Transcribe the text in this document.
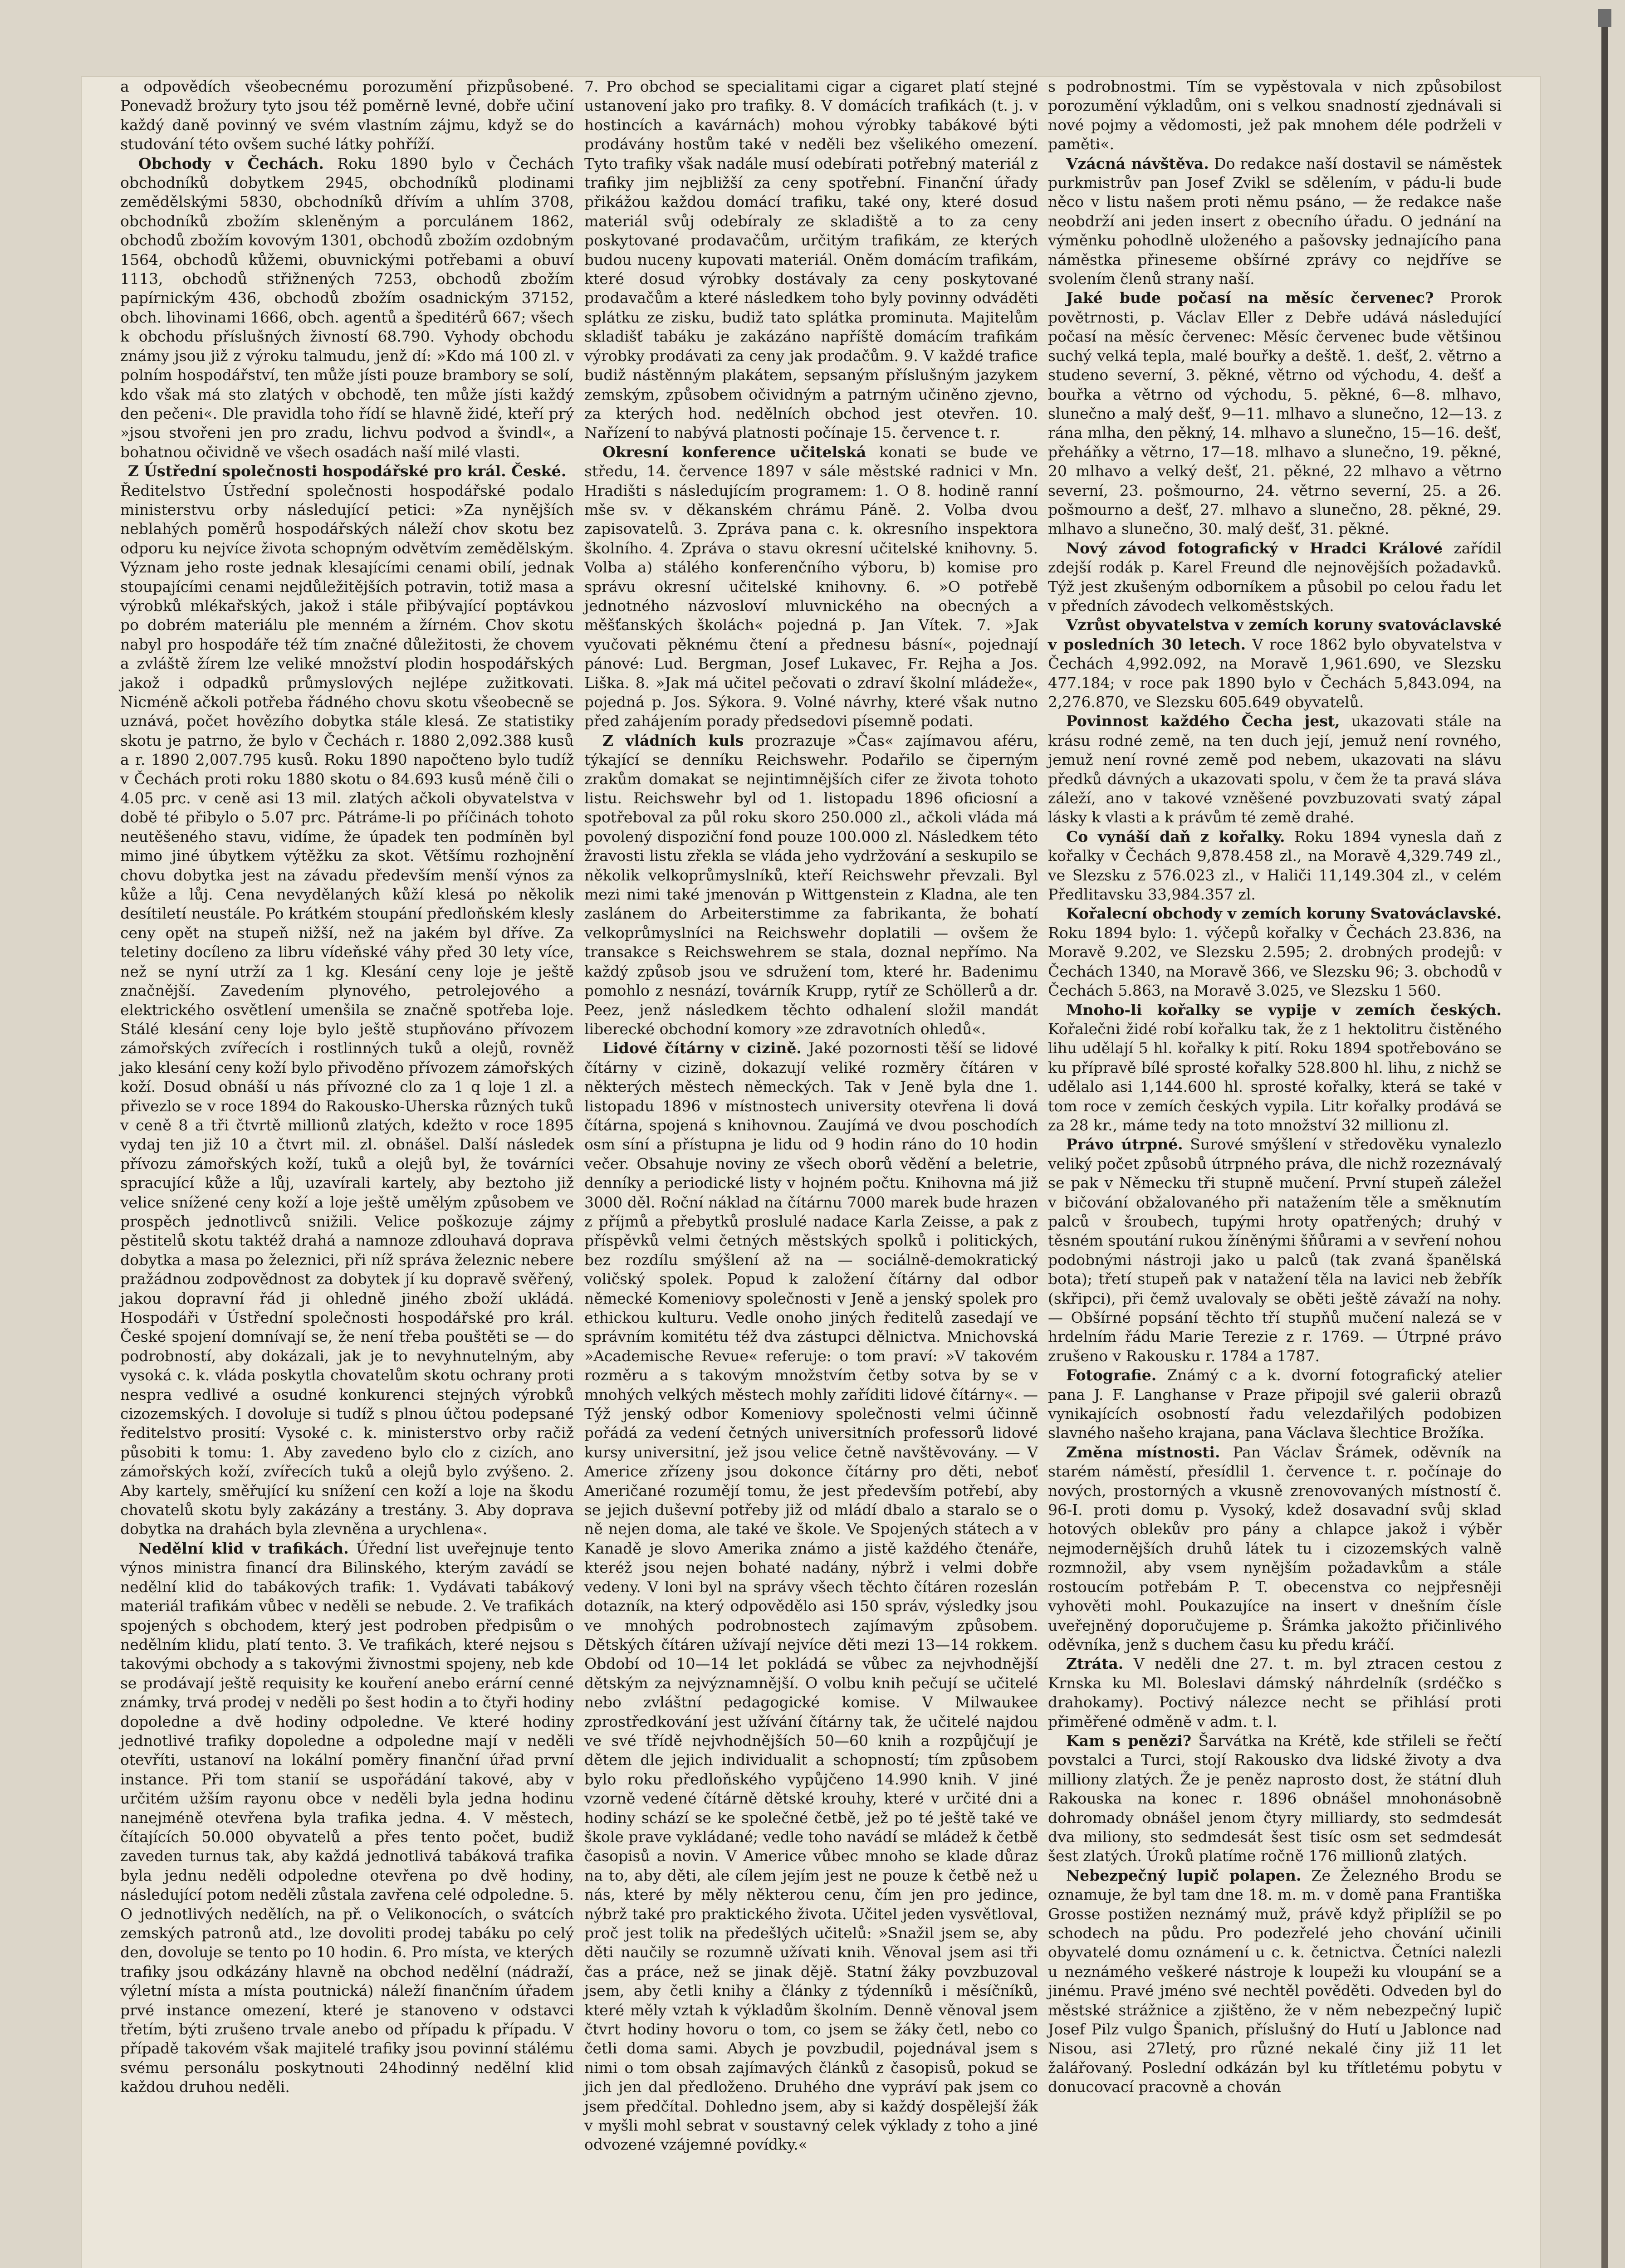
a odpovědích všeobecnému porozumění přizpůsobené. Ponevadž brožury tyto jsou též poměrně levné, dobře učiní každý daně povinný ve svém vlastním zájmu, když se do studování této ovšem suché látky pohříží.

Obchody v Čechách. Roku 1890 bylo v Čechách obchodníků dobytkem 2945, obchodníků plodinami zemědělskými 5830, obchodníků dřívím a uhlím 3708, obchodníků zbožím skleněným a porculánem 1862, obchodů zbožím kovovým 1301, obchodů zbožím ozdobným 1564, obchodů kůžemi, obuvnickými potřebami a obuví 1113, obchodů střižnených 7253, obchodů zbožím papírnickým 436, obchodů zbožím osadnickým 37152, obch. lihovinami 1666, obch. agentů a špeditérů 667; všech k obchodu příslušných živností 68.790. Vyhody obchodu známy jsou již z výroku talmudu, jenž dí: »Kdo má 100 zl. v polním hospodářství, ten může jísti pouze brambory se solí, kdo však má sto zlatých v obchodě, ten může jísti každý den pečeni«. Dle pravidla toho řídí se hlavně židé, kteří prý »jsou stvořeni jen pro zradu, lichvu podvod a švindl«, a bohatnou očividně ve všech osadách naší milé vlasti.

Z Ústřední společnosti hospodářské pro král. České.
Ředitelstvo Ústřední společnosti hospodářské podalo ministerstvu orby následující petici: »Za nynějších neblahých poměrů hospodářských náleží chov skotu bez odporu ku nejvíce života schopným odvětvím zemědělským. Význam jeho roste jednak klesajícími cenami obilí, jednak stoupajícími cenami nejdůležitějších potravin, totiž masa a výrobků mlékařských, jakož i stále přibývající poptávkou po dobrém materiálu ple menném a žírném. Chov skotu nabyl pro hospodáře též tím značné důležitosti, že chovem a zvláště žírem lze veliké množství plodin hospodářských jakož i odpadků průmyslových nejlépe zužitkovati. Nicméně ačkoli potřeba řádného chovu skotu všeobecně se uznává, počet hovězího dobytka stále klesá. Ze statistiky skotu je patrno, že bylo v Čechách r. 1880 2,092.388 kusů a r. 1890 2,007.795 kusů. Roku 1890 napočteno bylo tudíž v Čechách proti roku 1880 skotu o 84.693 kusů méně čili o 4.05 prc. v ceně asi 13 mil. zlatých ačkoli obyvatelstva v době té přibylo o 5.07 prc. Pátráme-li po příčinách tohoto neutěšeného stavu, vidíme, že úpadek ten podmíněn byl mimo jiné úbytkem výtěžku za skot. Většímu rozhojnění chovu dobytka jest na závadu především menší výnos za kůže a lůj. Cena nevydělaných kůží klesá po několik desítiletí neustále. Po krátkém stoupání předloňském klesly ceny opět na stupeň nižší, než na jakém byl dříve. Za teletiny docíleno za libru vídeňské váhy před 30 lety více, než se nyní utrží za 1 kg. Klesání ceny loje je ještě značnější. Zavedením plynového, petrolejového a elektrického osvětlení umenšila se značně spotřeba loje. Stálé klesání ceny loje bylo ještě stupňováno přívozem zámořských zvířecích i rostlinných tuků a olejů, rovněž jako klesání ceny koží bylo přivoděno přívozem zámořských koží. Dosud obnáší u nás přívozné clo za 1 q loje 1 zl. a přivezlo se v roce 1894 do Rakousko-Uherska různých tuků v ceně 8 a tři čtvrtě millionů zlatých, kdežto v roce 1895 vydaj ten již 10 a čtvrt mil. zl. obnášel. Další následek přívozu zámořských koží, tuků a olejů byl, že továrníci spracující kůže a lůj, uzavírali kartely, aby beztoho již velice snížené ceny koží a loje ještě umělým způsobem ve prospěch jednotlivců snižili. Velice poškozuje zájmy pěstitelů skotu taktéž drahá a namnoze zdlouhavá doprava dobytka a masa po železnici, při níž správa železnic nebere pražádnou zodpovědnost za dobytek jí ku dopravě svěřený, jakou dopravní řád ji ohledně jiného zboží ukládá. Hospodáři v Ústřední společnosti hospodářské pro král. České spojení domnívají se, že není třeba pouštěti se — do podrobností, aby dokázali, jak je to nevyhnutelným, aby vysoká c. k. vláda poskytla chovatelům skotu ochrany proti nespra vedlivé a osudné konkurenci stejných výrobků cizozemských. I dovoluje si tudíž s plnou účtou podepsané ředitelstvo prosití: Vysoké c. k. ministerstvo orby račiž působiti k tomu: 1. Aby zavedeno bylo clo z cizích, ano zámořských koží, zvířecích tuků a olejů bylo zvýšeno. 2. Aby kartely, směřující ku snížení cen koží a loje na škodu chovatelů skotu byly zakázány a trestány. 3. Aby doprava dobytka na drahách byla zlevněna a urychlena«.

Nedělní klid v trafikách. Úřední list uveřejnuje tento výnos ministra financí dra Bilinského, kterým zavádí se nedělní klid do tabákových trafik: 1. Vydávati tabákový materiál trafikám vůbec v neděli se nebude. 2. Ve trafikách spojených s obchodem, který jest podroben předpisům o nedělním klidu, platí tento. 3. Ve trafikách, které nejsou s takovými obchody a s takovými živnostmi spojeny, neb kde se prodávají ještě requisity ke kouření anebo erární cenné známky, trvá prodej v neděli po šest hodin a to čtyři hodiny dopoledne a dvě hodiny odpoledne. Ve které hodiny jednotlivé trafiky dopoledne a odpoledne mají v neděli otevříti, ustanoví na lokální poměry finanční úřad první instance. Při tom stanií se uspořádání takové, aby v určitém užším rayonu obce v neděli byla jedna hodinu nanejméně otevřena byla trafika jedna. 4. V městech, čítajících 50.000 obyvatelů a přes tento počet, budiž zaveden turnus tak, aby každá jednotlivá tabáková trafika byla jednu neděli odpoledne otevřena po dvě hodiny, následující potom neděli zůstala zavřena celé odpoledne. 5. O jednotlivých nedělích, na př. o Velikonocích, o svátcích zemských patronů atd., lze dovoliti prodej tabáku po celý den, dovoluje se tento po 10 hodin. 6. Pro místa, ve kterých trafiky jsou odkázány hlavně na obchod nedělní (nádraží, výletní místa a místa poutnická) náleží finančním úřadem prvé instance omezení, které je stanoveno v odstavci třetím, býti zrušeno trvale anebo od případu k případu. V případě takovém však majitelé trafiky jsou povinní stálému svému personálu poskytnouti 24hodinný nedělní klid každou druhou neděli.

7. Pro obchod se specialitami cigar a cigaret platí stejné ustanovení jako pro trafiky. 8. V domácích trafikách (t. j. v hostincích a kavárnách) mohou výrobky tabákové býti prodávány hostům také v neděli bez všelikého omezení. Tyto trafiky však nadále musí odebírati potřebný materiál z trafiky jim nejbližší za ceny spotřební. Finanční úřady přikážou každou domácí trafiku, také ony, které dosud materiál svůj odebíraly ze skladiště a to za ceny poskytované prodavačům, určitým trafikám, ze kterých budou nuceny kupovati materiál. Oněm domácím trafikám, které dosud výrobky dostávaly za ceny poskytované prodavačům a které následkem toho byly povinny odváděti splátku ze zisku, budiž tato splátka prominuta. Majitelům skladišť tabáku je zakázáno napříště domácím trafikám výrobky prodávati za ceny jak prodačům. 9. V každé trafice budiž nástěnným plakátem, sepsaným příslušným jazykem zemským, způsobem očividným a patrným učiněno zjevno, za kterých hod. nedělních obchod jest otevřen. 10. Nařízení to nabývá platnosti počínaje 15. července t. r.

Okresní konference učitelská konati se bude ve středu, 14. července 1897 v sále městské radnici v Mn. Hradišti s následujícím programem: 1. O 8. hodině ranní mše sv. v děkanském chrámu Páně. 2. Volba dvou zapisovatelů. 3. Zpráva pana c. k. okresního inspektora školního. 4. Zpráva o stavu okresní učitelské knihovny. 5. Volba a) stálého konferenčního výboru, b) komise pro správu okresní učitelské knihovny. 6. »O potřebě jednotného názvosloví mluvnického na obecných a měšťanských školách« pojedná p. Jan Vítek. 7. »Jak vyučovati pěknému čtení a přednesu básní«, pojednají pánové: Lud. Bergman, Josef Lukavec, Fr. Rejha a Jos. Liška. 8. »Jak má učitel pečovati o zdraví školní mládeže«, pojedná p. Jos. Sýkora. 9. Volné návrhy, které však nutno před zahájením porady předsedovi písemně podati.

Z vládních kuls prozrazuje »Čas« zajímavou aféru, týkající se denníku Reichswehr. Podařilo se čiperným zrakům domakat se nejintimnějších cifer ze života tohoto listu. Reichswehr byl od 1. listopadu 1896 oficiosní a spotřeboval za půl roku skoro 250.000 zl., ačkoli vláda má povolený dispoziční fond pouze 100.000 zl. Následkem této žravosti listu zřekla se vláda jeho vydržování a seskupilo se několik velkoprůmyslníků, kteří Reichswehr převzali. Byl mezi nimi také jmenován p Wittgenstein z Kladna, ale ten zaslánem do Arbeiterstimme za fabrikanta, že bohatí velkoprůmyslníci na Reichswehr doplatili — ovšem že transakce s Reichswehrem se stala, doznal nepřímo. Na každý způsob jsou ve sdružení tom, které hr. Badenimu pomohlo z nesnází, továrník Krupp, rytíř ze Schöllerů a dr. Peez, jenž následkem těchto odhalení složil mandát liberecké obchodní komory »ze zdravotních ohledů«.

Lidové čítárny v cizině. Jaké pozornosti těší se lidové čítárny v cizině, dokazují veliké rozměry čítáren v některých městech německých. Tak v Jeně byla dne 1. listopadu 1896 v místnostech university otevřena li dová čítárna, spojená s knihovnou. Zaujímá ve dvou poschodích osm síní a přístupna je lidu od 9 hodin ráno do 10 hodin večer. Obsahuje noviny ze všech oborů vědění a beletrie, denníky a periodické listy v hojném počtu. Knihovna má již 3000 děl. Roční náklad na čítárnu 7000 marek bude hrazen z příjmů a přebytků proslulé nadace Karla Zeisse, a pak z příspěvků velmi četných městských spolků i politických, bez rozdílu smýšlení až na — sociálně-demokratický voličský spolek. Popud k založení čítárny dal odbor německé Komeniovy společnosti v Jeně a jenský spolek pro ethickou kulturu. Vedle onoho jiných ředitelů zasedají ve správním komitétu též dva zástupci dělnictva. Mnichovská »Academische Revue« referuje: o tom praví: »V takovém rozměru a s takovým množstvím četby sotva by se v mnohých velkých městech mohly zaříditi lidové čítárny«. — Týž jenský odbor Komeniovy společnosti velmi účinně pořádá za vedení četných universitních professorů lidové kursy universitní, jež jsou velice četně navštěvovány. — V Americe zřízeny jsou dokonce čítárny pro děti, neboť Američané rozumějí tomu, že jest především potřebí, aby se jejich duševní potřeby již od mládí dbalo a staralo se o ně nejen doma, ale také ve škole. Ve Spojených státech a v Kanadě je slovo Amerika známo a jistě každého čtenáře, kteréž jsou nejen bohaté nadány, nýbrž i velmi dobře vedeny. V loni byl na správy všech těchto čítáren rozeslán dotazník, na který odpovědělo asi 150 správ, výsledky jsou ve mnohých podrobnostech zajímavým způsobem. Dětských čítáren užívají nejvíce děti mezi 13—14 rokkem. Období od 10—14 let pokládá se vůbec za nejvhodnější dětským za nejvýznamnější. O volbu knih pečují se učitelé nebo zvláštní pedagogické komise. V Milwaukee zprostředkování jest užívání čítárny tak, že učitelé najdou ve své třídě nejvhodnějších 50—60 knih a rozpůjčují je dětem dle jejich individualit a schopností; tím způsobem bylo roku předloňského vypůjčeno 14.990 knih. V jiné vzorně vedené čítárně dětské krouhy, které v určité dni a hodiny schází se ke společné četbě, jež po té ještě také ve škole prave vykládané; vedle toho navádí se mládež k četbě časopisů a novin. V Americe vůbec mnoho se klade důraz na to, aby děti, ale cílem jejím jest ne pouze k četbě než u nás, které by měly některou cenu, čím jen pro jedince, nýbrž také pro praktického života. Učitel jeden vysvětloval, proč jest tolik na předešlých učitelů: »Snažil jsem se, aby děti naučily se rozumně užívati knih. Věnoval jsem asi tři čas a práce, než se jinak dějě. Statní žáky povzbuzoval jsem, aby četli knihy a články z týdenníků i měsíčníků, které měly vztah k výkladům školním. Denně věnoval jsem čtvrt hodiny hovoru o tom, co jsem se žáky četl, nebo co četli doma sami. Abych je povzbudil, pojednával jsem s nimi o tom obsah zajímavých článků z časopisů, pokud se jich jen dal předloženo. Druhého dne vypráví pak jsem co jsem předčítal. Dohledno jsem, aby si každý dospělejší žák v myšli mohl sebrat v soustavný celek výklady z toho a jiné odvozené vzájemné povídky.«

s podrobnostmi. Tím se vypěstovala v nich způsobilost porozumění výkladům, oni s velkou snadností zjednávali si nové pojmy a vědomosti, jež pak mnohem déle podrželi v paměti«.

Vzácná návštěva. Do redakce naší dostavil se náměstek purkmistrův pan Josef Zvikl se sdělením, v pádu-li bude něco v listu našem proti němu psáno, — že redakce naše neobdrží ani jeden insert z obecního úřadu. O jednání na výměnku pohodlně uloženého a pašovsky jednajícího pana náměstka přineseme obšírné zprávy co nejdříve se svolením členů strany naší.

Jaké bude počasí na měsíc červenec? Prorok povětrnosti, p. Václav Eller z Debře udává následující počasí na měsíc červenec: Měsíc červenec bude většinou suchý velká tepla, malé bouřky a deště. 1. dešť, 2. větrno a studeno severní, 3. pěkné, větrno od východu, 4. dešť a bouřka a větrno od východu, 5. pěkné, 6—8. mlhavo, slunečno a malý dešť, 9—11. mlhavo a slunečno, 12—13. z rána mlha, den pěkný, 14. mlhavo a slunečno, 15—16. dešť, přeháňky a větrno, 17—18. mlhavo a slunečno, 19. pěkné, 20 mlhavo a velký dešť, 21. pěkné, 22 mlhavo a větrno severní, 23. pošmourno, 24. větrno severní, 25. a 26. pošmourno a dešť, 27. mlhavo a slunečno, 28. pěkné, 29. mlhavo a slunečno, 30. malý dešť, 31. pěkné.

Nový závod fotografický v Hradci Králové zařídil zdejší rodák p. Karel Freund dle nejnovějších požadavků. Týž jest zkušeným odborníkem a působil po celou řadu let v předních závodech velkoměstských.

Vzrůst obyvatelstva v zemích koruny svatováclavské v posledních 30 letech. V roce 1862 bylo obyvatelstva v Čechách 4,992.092, na Moravě 1,961.690, ve Slezsku 477.184; v roce pak 1890 bylo v Čechách 5,843.094, na 2,276.870, ve Slezsku 605.649 obyvatelů.

Povinnost každého Čecha jest, ukazovati stále na krásu rodné země, na ten duch její, jemuž není rovného, jemuž není rovné země pod nebem, ukazovati na slávu předků dávných a ukazovati spolu, v čem že ta pravá sláva záleží, ano v takové vzněšené povzbuzovati svatý zápal lásky k vlasti a k právům té země drahé.

Co vynáší daň z kořalky. Roku 1894 vynesla daň z kořalky v Čechách 9,878.458 zl., na Moravě 4,329.749 zl., ve Slezsku z 576.023 zl., v Haliči 11,149.304 zl., v celém Předlitavsku 33,984.357 zl.

Kořalecní obchody v zemích koruny Svatováclavské. Roku 1894 bylo: 1. výčepů kořalky v Čechách 23.836, na Moravě 9.202, ve Slezsku 2.595; 2. drobných prodejů: v Čechách 1340, na Moravě 366, ve Slezsku 96; 3. obchodů v Čechách 5.863, na Moravě 3.025, ve Slezsku 1 560.

Mnoho-li kořalky se vypije v zemích českých. Kořalečni židé robí kořalku tak, že z 1 hektolitru čistěného lihu udělají 5 hl. kořalky k pití. Roku 1894 spotřebováno se ku přípravě bílé sprosté kořalky 528.800 hl. lihu, z nichž se udělalo asi 1,144.600 hl. sprosté kořalky, která se také v tom roce v zemích českých vypila. Litr kořalky prodává se za 28 kr., máme tedy na toto množství 32 millionu zl.

Právo útrpné. Surové smýšlení v středověku vynalezlo veliký počet způsobů útrpného práva, dle nichž rozeznávalý se pak v Německu tři stupně mučení. První stupeň záležel v bičování obžalovaného při natažením těle a směknutím palců v šroubech, tupými hroty opatřených; druhý v těsném spoutání rukou žíněnými šňůrami a v sevření nohou podobnými nástroji jako u palců (tak zvaná španělská bota); třetí stupeň pak v natažení těla na lavici neb žebřík (skřipci), při čemž uvalovaly se oběti ještě závaží na nohy. — Obšírné popsání těchto tří stupňů mučení nalezá se v hrdelním řádu Marie Terezie z r. 1769. — Útrpné právo zrušeno v Rakousku r. 1784 a 1787.

Fotografie. Známý c a k. dvorní fotografický atelier pana J. F. Langhanse v Praze připojil své galerii obrazů vynikajících osobností řadu velezdařilých podobizen slavného našeho krajana, pana Václava šlechtice Brožíka.

Změna místnosti. Pan Václav Šrámek, oděvník na starém náměstí, přesídlil 1. července t. r. počínaje do nových, prostorných a vkusně zrenovovaných místností č. 96-I. proti domu p. Vysoký, kdež dosavadní svůj sklad hotových oblekův pro pány a chlapce jakož i výběr nejmodernějších druhů látek tu i cizozemských valně rozmnožil, aby vsem nynějším požadavkům a stále rostoucím potřebám P. T. obecenstva co nejpřesněji vyhověti mohl. Poukazujíce na insert v dnešním čísle uveřejněný doporučujeme p. Šrámka jakožto přičinlivého oděvníka, jenž s duchem času ku předu kráčí.

Ztráta. V neděli dne 27. t. m. byl ztracen cestou z Krnska ku Ml. Boleslavi dámský náhrdelník (srdéčko s drahokamy). Poctivý nálezce necht se přihlásí proti přiměřené odměně v adm. t. l.

Kam s penězi? Šarvátka na Krétě, kde střileli se řečtí povstalci a Turci, stojí Rakousko dva lidské životy a dva milliony zlatých. Že je peněz naprosto dost, že státní dluh Rakouska na konec r. 1896 obnášel mnohonásobně dohromady obnášel jenom čtyry milliardy, sto sedmdesát dva miliony, sto sedmdesát šest tisíc osm set sedmdesát šest zlatých. Úroků platíme ročně 176 millionů zlatých.

Nebezpečný lupič polapen. Ze Železného Brodu se oznamuje, že byl tam dne 18. m. m. v domě pana Františka Grosse postižen neznámý muž, právě když připlížil se po schodech na půdu. Pro podezřelé jeho chování učinili obyvatelé domu oznámení u c. k. četnictva. Četníci nalezli u neznámého veškeré nástroje k loupeži ku vloupání se a jinému. Pravé jméno své nechtěl pověděti. Odveden byl do městské strážnice a zjištěno, že v něm nebezpečný lupič Josef Pilz vulgo Španich, příslušný do Hutí u Jablonce nad Nisou, asi 27letý, pro různé nekalé činy již 11 let žalářovaný. Poslední odkázán byl ku třítletému pobytu v donucovací pracovně a chován
